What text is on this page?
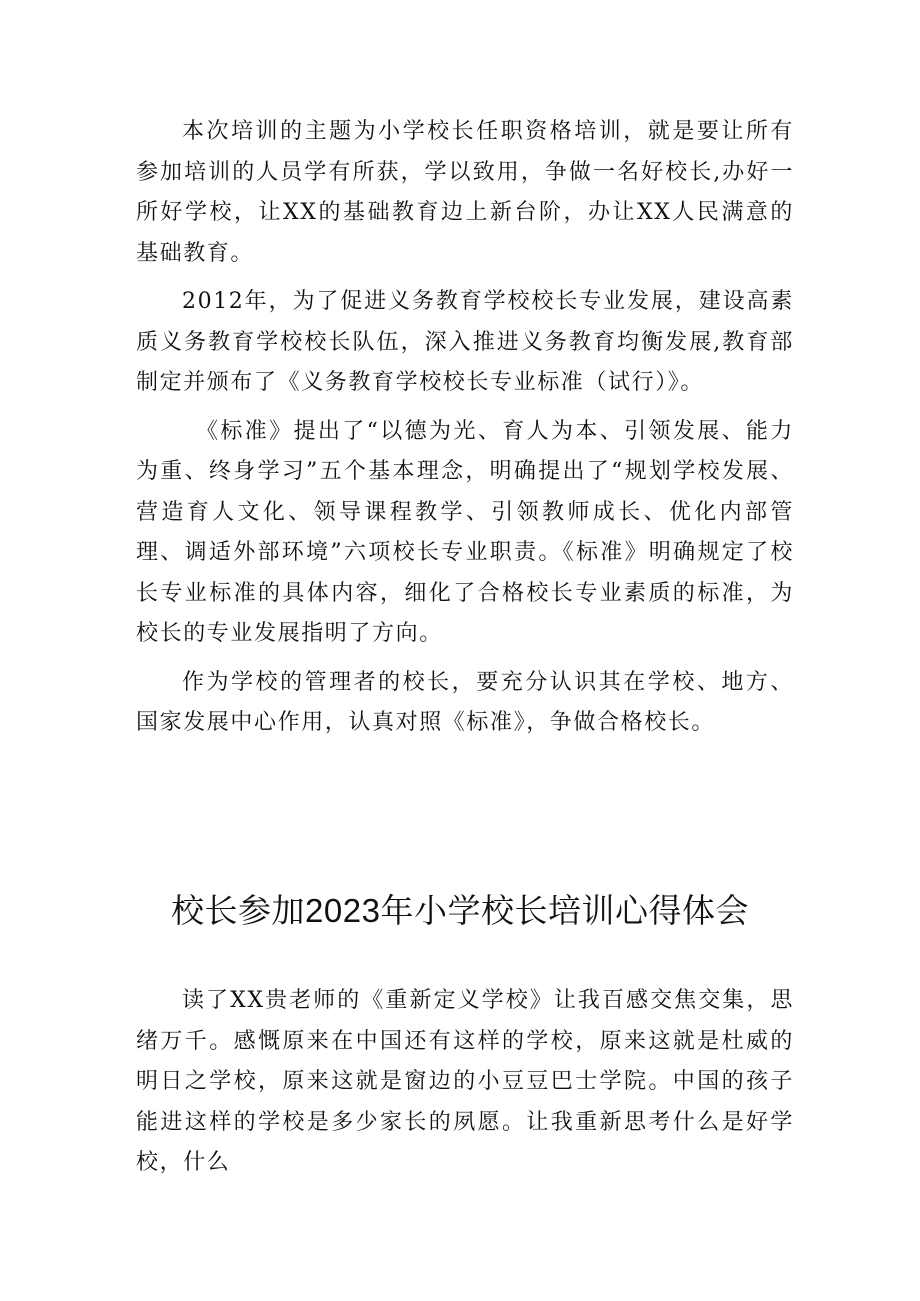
本次培训的主题为小学校长任职资格培训，就是要让所有参加培训的人员学有所获，学以致用，争做一名好校长,办好一所好学校，让XX的基础教育边上新台阶，办让XX人民满意的基础教育。

2012年，为了促进义务教育学校校长专业发展，建设高素质义务教育学校校长队伍，深入推进义务教育均衡发展,教育部制定并颁布了《义务教育学校校长专业标准（试行）》。

《标准》提出了“以德为光、育人为本、引领发展、能力为重、终身学习”五个基本理念，明确提出了“规划学校发展、营造育人文化、领导课程教学、引领教师成长、优化内部管理、调适外部环境”六项校长专业职责。《标准》明确规定了校长专业标准的具体内容，细化了合格校长专业素质的标准，为校长的专业发展指明了方向。

作为学校的管理者的校长，要充分认识其在学校、地方、国家发展中心作用，认真对照《标准》，争做合格校长。

校长参加2023年小学校长培训心得体会

读了XX贵老师的《重新定义学校》让我百感交焦交集，思绪万千。感慨原来在中国还有这样的学校，原来这就是杜威的明日之学校，原来这就是窗边的小豆豆巴士学院。中国的孩子能进这样的学校是多少家长的夙愿。让我重新思考什么是好学校，什么
